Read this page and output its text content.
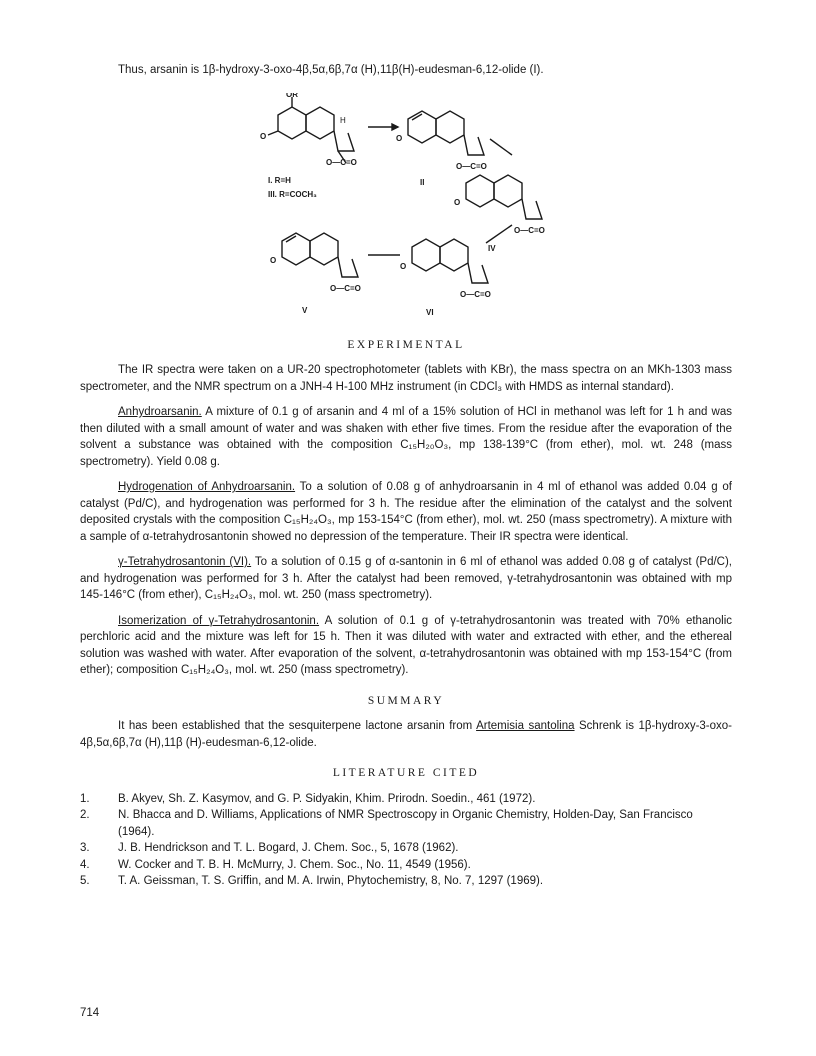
Thus, arsanin is 1β-hydroxy-3-oxo-4β,5α,6β,7α (H),11β(H)-eudesman-6,12-olide (I).

OR
O
O—C=O
H
O
O—C=O
O
O—C=O
O
O—C=O
O
O—C=O
I. R=H
III. R=COCH₃
II
IV
V	VI
EXPERIMENTAL

The IR spectra were taken on a UR-20 spectrophotometer (tablets with KBr), the mass spectra on an MKh-1303 mass spectrometer, and the NMR spectrum on a JNH-4 H-100 MHz instrument (in CDCl₃ with HMDS as internal standard).

Anhydroarsanin. A mixture of 0.1 g of arsanin and 4 ml of a 15% solution of HCl in methanol was left for 1 h and was then diluted with a small amount of water and was shaken with ether five times. From the residue after the evaporation of the solvent a substance was obtained with the composition C₁₅H₂₀O₃, mp 138-139°C (from ether), mol. wt. 248 (mass spectrometry). Yield 0.08 g.

Hydrogenation of Anhydroarsanin. To a solution of 0.08 g of anhydroarsanin in 4 ml of ethanol was added 0.04 g of catalyst (Pd/C), and hydrogenation was performed for 3 h. The residue after the elimination of the catalyst and the solvent deposited crystals with the composition C₁₅H₂₄O₃, mp 153-154°C (from ether), mol. wt. 250 (mass spectrometry). A mixture with a sample of α-tetrahydrosantonin showed no depression of the temperature. Their IR spectra were identical.

γ-Tetrahydrosantonin (VI). To a solution of 0.15 g of α-santonin in 6 ml of ethanol was added 0.08 g of catalyst (Pd/C), and hydrogenation was performed for 3 h. After the catalyst had been removed, γ-tetrahydrosantonin was obtained with mp 145-146°C (from ether), C₁₅H₂₄O₃, mol. wt. 250 (mass spectrometry).

Isomerization of γ-Tetrahydrosantonin. A solution of 0.1 g of γ-tetrahydrosantonin was treated with 70% ethanolic perchloric acid and the mixture was left for 15 h. Then it was diluted with water and extracted with ether, and the ethereal solution was washed with water. After evaporation of the solvent, α-tetrahydrosantonin was obtained with mp 153-154°C (from ether); composition C₁₅H₂₄O₃, mol. wt. 250 (mass spectrometry).

SUMMARY

It has been established that the sesquiterpene lactone arsanin from Artemisia santolina Schrenk is 1β-hydroxy-3-oxo-4β,5α,6β,7α (H),11β (H)-eudesman-6,12-olide.

LITERATURE CITED
1.	B. Akyev, Sh. Z. Kasymov, and G. P. Sidyakin, Khim. Prirodn. Soedin., 461 (1972).
2.	N. Bhacca and D. Williams, Applications of NMR Spectroscopy in Organic Chemistry, Holden-Day, San Francisco (1964).
3.	J. B. Hendrickson and T. L. Bogard, J. Chem. Soc., 5, 1678 (1962).
4.	W. Cocker and T. B. H. McMurry, J. Chem. Soc., No. 11, 4549 (1956).
5.	T. A. Geissman, T. S. Griffin, and M. A. Irwin, Phytochemistry, 8, No. 7, 1297 (1969).
714
